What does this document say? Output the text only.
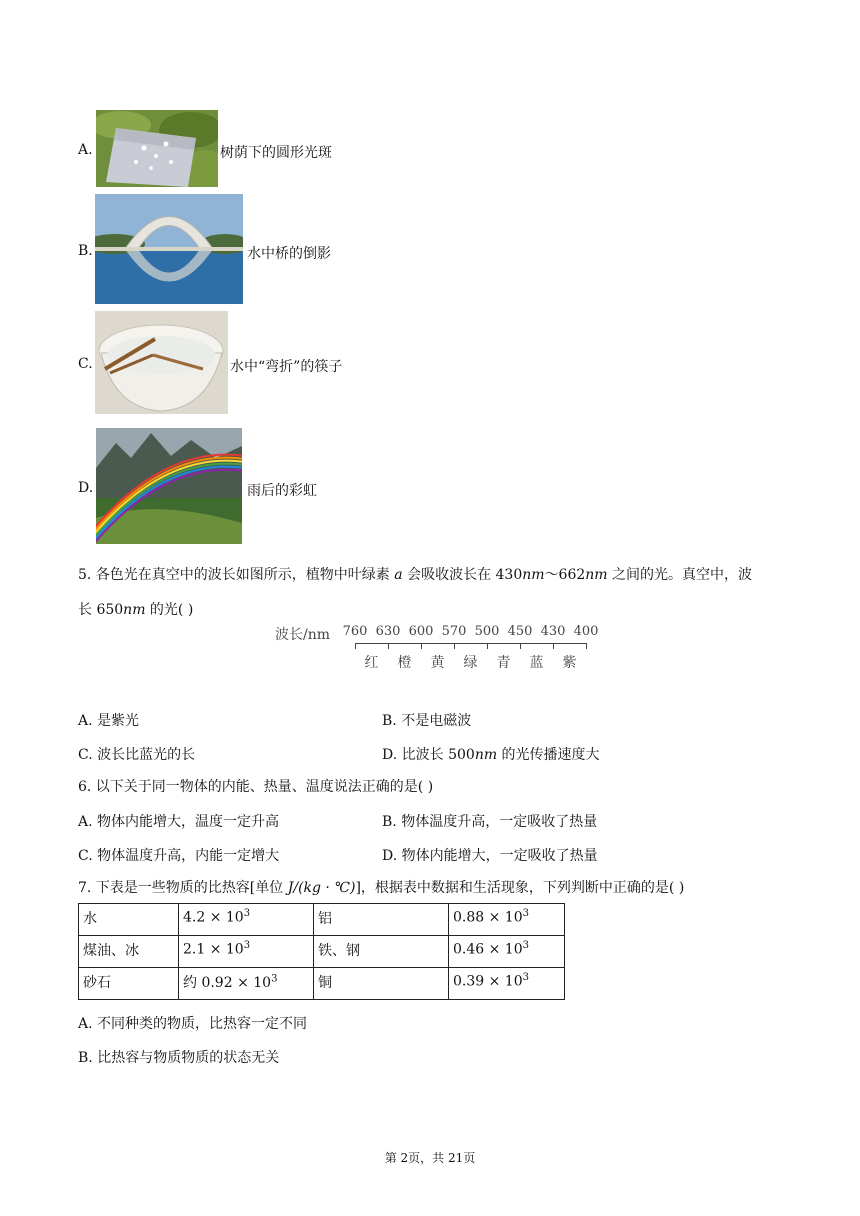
A.	树荫下的圆形光斑
B.	水中桥的倒影
C.	水中“弯折”的筷子
D.	雨后的彩虹
5. 各色光在真空中的波长如图所示，植物中叶绿素 a 会吸收波长在 430nm～662nm 之间的光。真空中，波
长 650nm 的光( )
波长/nm 760 630 600 570 500 450 430 400
红 橙 黄 绿 青 蓝 紫
A. 是紫光	B. 不是电磁波
C. 波长比蓝光的长	D. 比波长 500nm 的光传播速度大
6. 以下关于同一物体的内能、热量、温度说法正确的是( )
A. 物体内能增大，温度一定升高	B. 物体温度升高，一定吸收了热量
C. 物体温度升高，内能一定增大	D. 物体内能增大，一定吸收了热量
7. 下表是一些物质的比热容[单位 J/(kg · ℃)]，根据表中数据和生活现象，下列判断中正确的是( )
水	$4.2 \times 10^3$	铝	$0.88 \times 10^3$
煤油、冰	$2.1 \times 10^3$	铁、钢	$0.46 \times 10^3$
砂石	约 $0.92 \times 10^3$	铜	$0.39 \times 10^3$
A. 不同种类的物质，比热容一定不同
B. 比热容与物质物质的状态无关
第 2页，共 21页
